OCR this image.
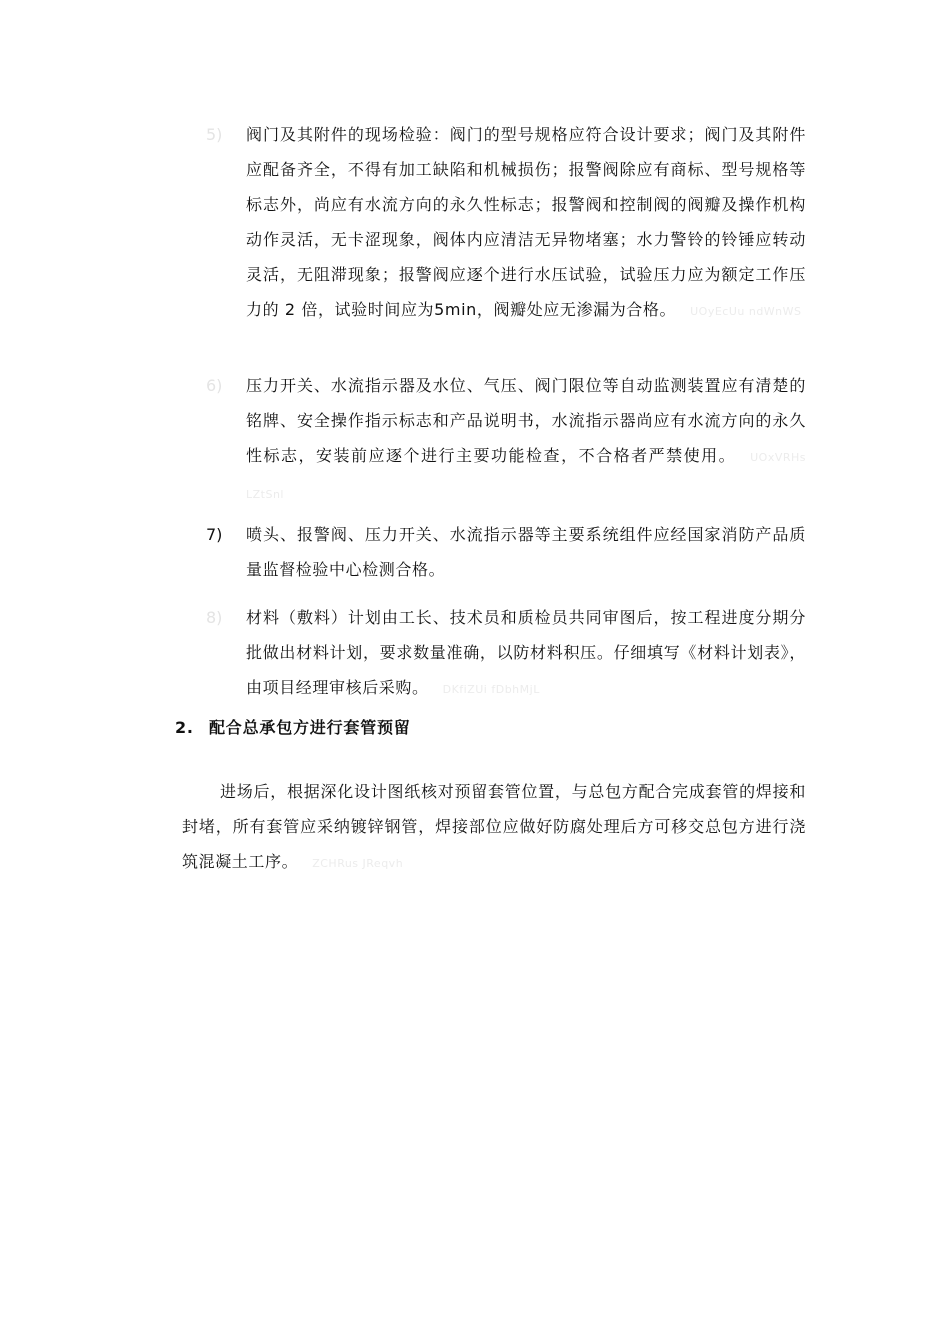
5)	阀门及其附件的现场检验：阀门的型号规格应符合设计要求；阀门及其附件应配备齐全，不得有加工缺陷和机械损伤；报警阀除应有商标、型号规格等标志外，尚应有水流方向的永久性标志；报警阀和控制阀的阀瓣及操作机构动作灵活，无卡涩现象，阀体内应清洁无异物堵塞；水力警铃的铃锤应转动灵活，无阻滞现象；报警阀应逐个进行水压试验，试验压力应为额定工作压力的 2 倍，试验时间应为5min，阀瓣处应无渗漏为合格。 UOyEcUu ndWnWS
6)	压力开关、水流指示器及水位、气压、阀门限位等自动监测装置应有清楚的铭牌、安全操作指示标志和产品说明书，水流指示器尚应有水流方向的永久性标志，安装前应逐个进行主要功能检查，不合格者严禁使用。 UOxVRHs LZtSnl
7)	喷头、报警阀、压力开关、水流指示器等主要系统组件应经国家消防产品质量监督检验中心检测合格。
8)	材料（敷料）计划由工长、技术员和质检员共同审图后，按工程进度分期分批做出材料计划，要求数量准确，以防材料积压。仔细填写《材料计划表》，由项目经理审核后采购。 DKfiZUi fDbhMjL
2. 配合总承包方进行套管预留
进场后，根据深化设计图纸核对预留套管位置，与总包方配合完成套管的焊接和封堵，所有套管应采纳镀锌钢管，焊接部位应做好防腐处理后方可移交总包方进行浇筑混凝土工序。 ZCHRus JReqvh
